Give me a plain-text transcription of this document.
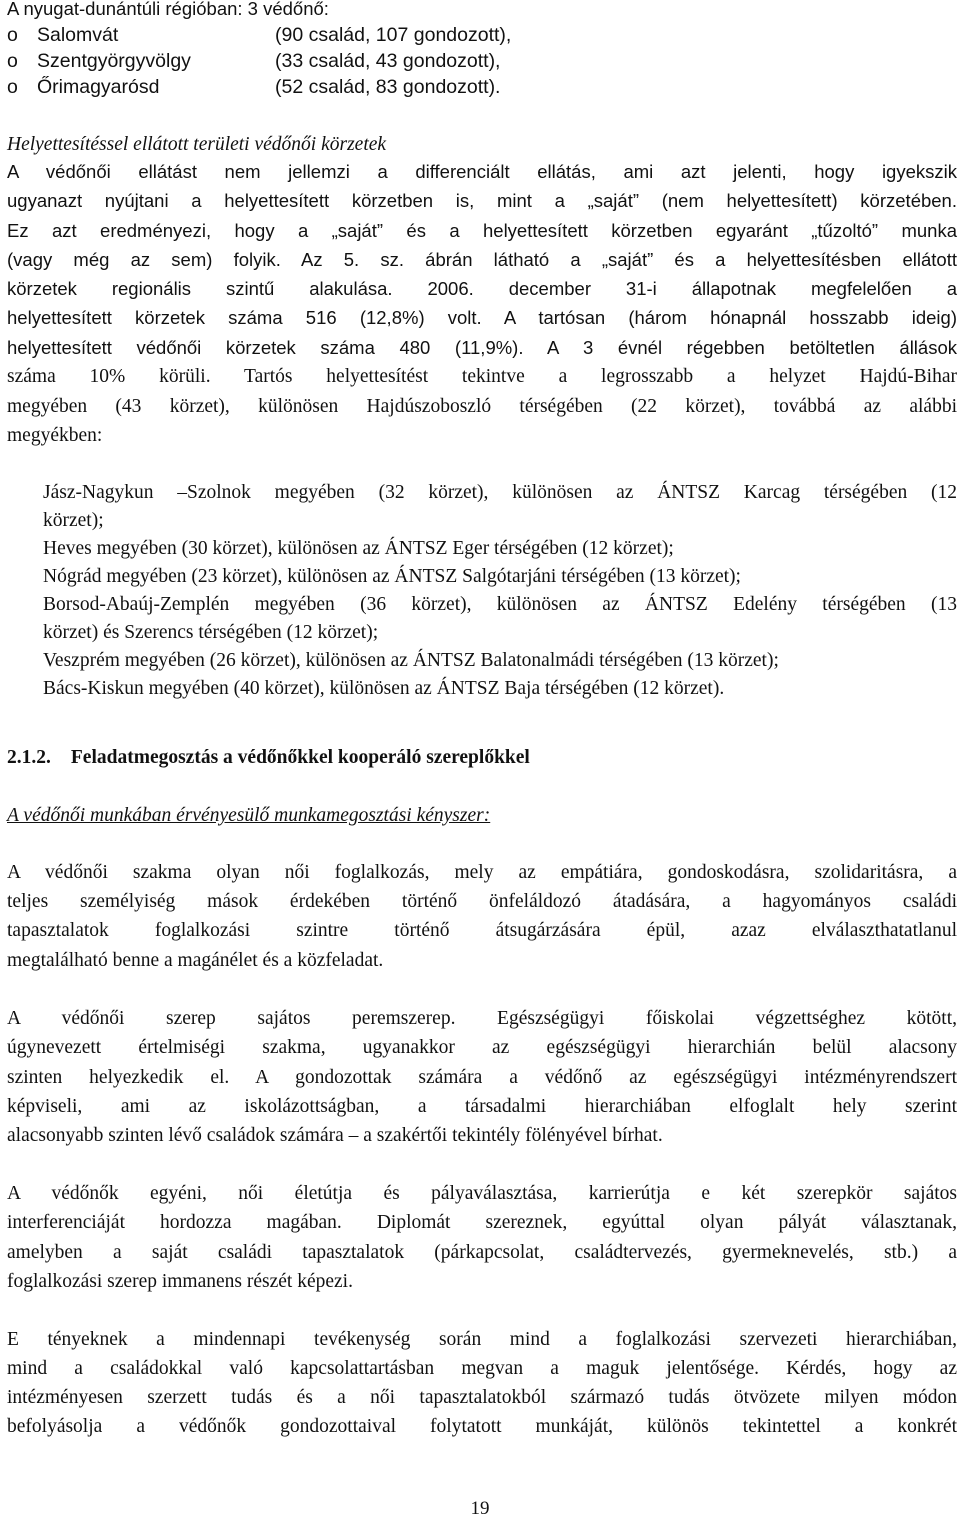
A nyugat-dunántúli régióban: 3 védőnő:
o Salomvát	(90 család, 107 gondozott),
o Szentgyörgyvölgy	(33 család, 43 gondozott),
o Őrimagyarósd	(52 család, 83 gondozott).
Helyettesítéssel ellátott területi védőnői körzetek
A védőnői ellátást nem jellemzi a differenciált ellátás, ami azt jelenti, hogy igyekszik
ugyanazt nyújtani a helyettesített körzetben is, mint a „saját” (nem helyettesített) körzetében.
Ez azt eredményezi, hogy a „saját” és a helyettesített körzetben egyaránt „tűzoltó” munka
(vagy még az sem) folyik. Az 5. sz. ábrán látható a „saját” és a helyettesítésben ellátott
körzetek regionális szintű alakulása. 2006. december 31-i állapotnak megfelelően a
helyettesített körzetek száma 516 (12,8%) volt. A tartósan (három hónapnál hosszabb ideig)
helyettesített védőnői körzetek száma 480 (11,9%). A 3 évnél régebben betöltetlen állások
száma 10% körüli. Tartós helyettesítést tekintve a legrosszabb a helyzet Hajdú-Bihar
megyében (43 körzet), különösen Hajdúszoboszló térségében (22 körzet), továbbá az alábbi
megyékben:
Jász-Nagykun –Szolnok megyében (32 körzet), különösen az ÁNTSZ Karcag térségében (12
körzet);
Heves megyében (30 körzet), különösen az ÁNTSZ Eger térségében (12 körzet);
Nógrád megyében (23 körzet), különösen az ÁNTSZ Salgótarjáni térségében (13 körzet);
Borsod-Abaúj-Zemplén megyében (36 körzet), különösen az ÁNTSZ Edelény térségében (13
körzet) és Szerencs térségében (12 körzet);
Veszprém megyében (26 körzet), különösen az ÁNTSZ Balatonalmádi térségében (13 körzet);
Bács-Kiskun megyében (40 körzet), különösen az ÁNTSZ Baja térségében (12 körzet).
2.1.2. Feladatmegosztás a védőnőkkel kooperáló szereplőkkel
A védőnői munkában érvényesülő munkamegosztási kényszer:
A védőnői szakma olyan női foglalkozás, mely az empátiára, gondoskodásra, szolidaritásra, a
teljes személyiség mások érdekében történő önfeláldozó átadására, a hagyományos családi
tapasztalatok foglalkozási szintre történő átsugárzására épül, azaz elválaszthatatlanul
megtalálható benne a magánélet és a közfeladat.
A védőnői szerep sajátos peremszerep. Egészségügyi főiskolai végzettséghez kötött,
úgynevezett értelmiségi szakma, ugyanakkor az egészségügyi hierarchián belül alacsony
szinten helyezkedik el. A gondozottak számára a védőnő az egészségügyi intézményrendszert
képviseli, ami az iskolázottságban, a társadalmi hierarchiában elfoglalt hely szerint
alacsonyabb szinten lévő családok számára – a szakértői tekintély fölényével bírhat.
A védőnők egyéni, női életútja és pályaválasztása, karrierútja e két szerepkör sajátos
interferenciáját hordozza magában. Diplomát szereznek, egyúttal olyan pályát választanak,
amelyben a saját családi tapasztalatok (párkapcsolat, családtervezés, gyermeknevelés, stb.) a
foglalkozási szerep immanens részét képezi.
E tényeknek a mindennapi tevékenység során mind a foglalkozási szervezeti hierarchiában,
mind a családokkal való kapcsolattartásban megvan a maguk jelentősége. Kérdés, hogy az
intézményesen szerzett tudás és a női tapasztalatokból származó tudás ötvözete milyen módon
befolyásolja a védőnők gondozottaival folytatott munkáját, különös tekintettel a konkrét
19
